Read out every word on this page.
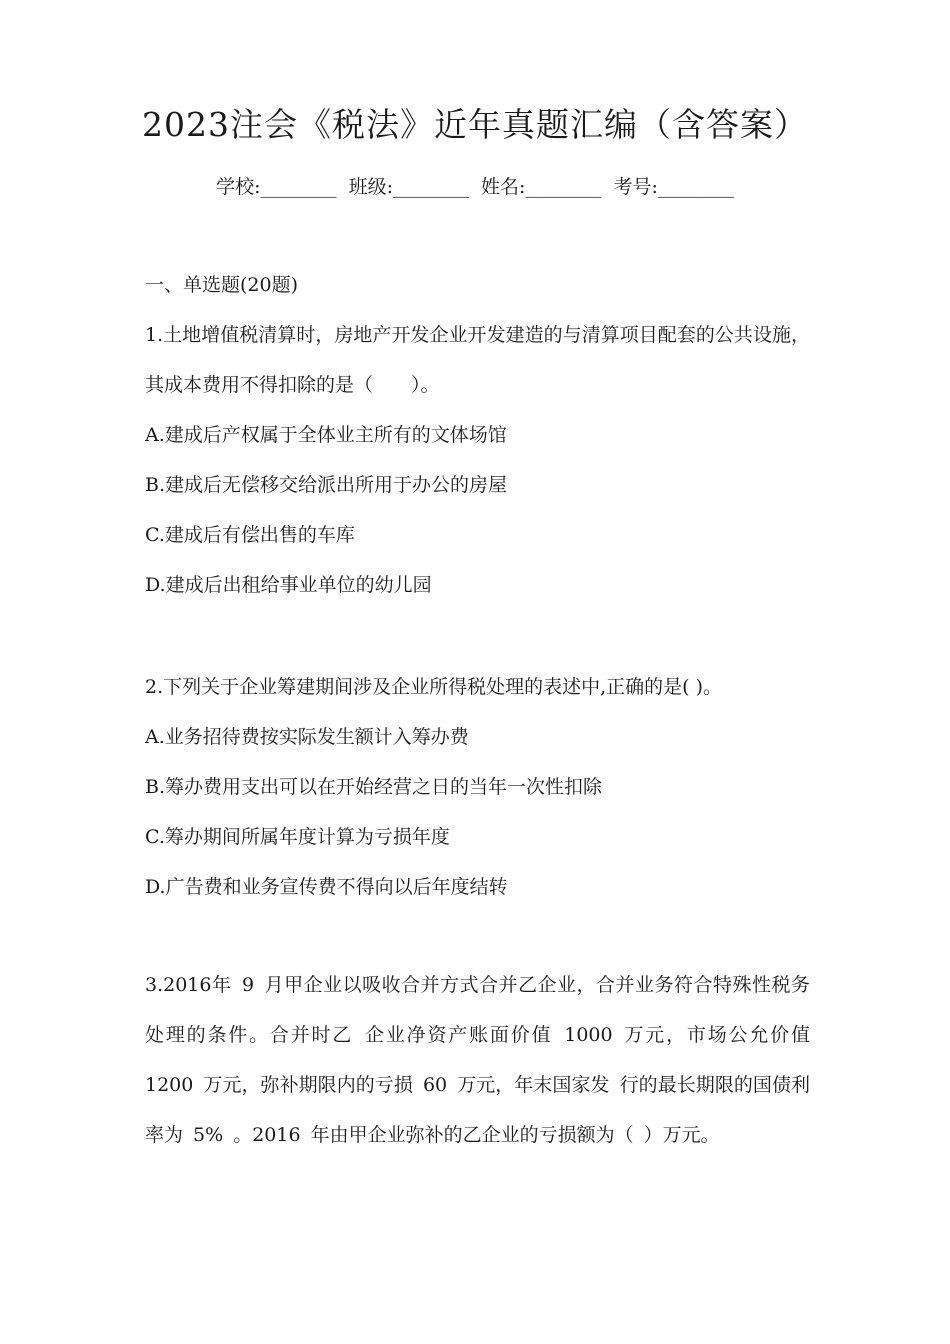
2023注会《税法》近年真题汇编（含答案）
学校:________ 班级:________ 姓名:________ 考号:________

一、单选题(20题)

1.土地增值税清算时，房地产开发企业开发建造的与清算项目配套的公共设施，其成本费用不得扣除的是（　　）。

A.建成后产权属于全体业主所有的文体场馆

B.建成后无偿移交给派出所用于办公的房屋

C.建成后有偿出售的车库

D.建成后出租给事业单位的幼儿园

2.下列关于企业筹建期间涉及企业所得税处理的表述中,正确的是( )。

A.业务招待费按实际发生额计入筹办费

B.筹办费用支出可以在开始经营之日的当年一次性扣除

C.筹办期间所属年度计算为亏损年度

D.广告费和业务宣传费不得向以后年度结转

3.2016年 9 月甲企业以吸收合并方式合并乙企业，合并业务符合特殊性税务处理的条件。合并时乙 企业净资产账面价值 1000 万元，市场公允价值 1200 万元，弥补期限内的亏损 60 万元，年末国家发 行的最长期限的国债利率为 5% 。2016 年由甲企业弥补的乙企业的亏损额为（ ）万元。
